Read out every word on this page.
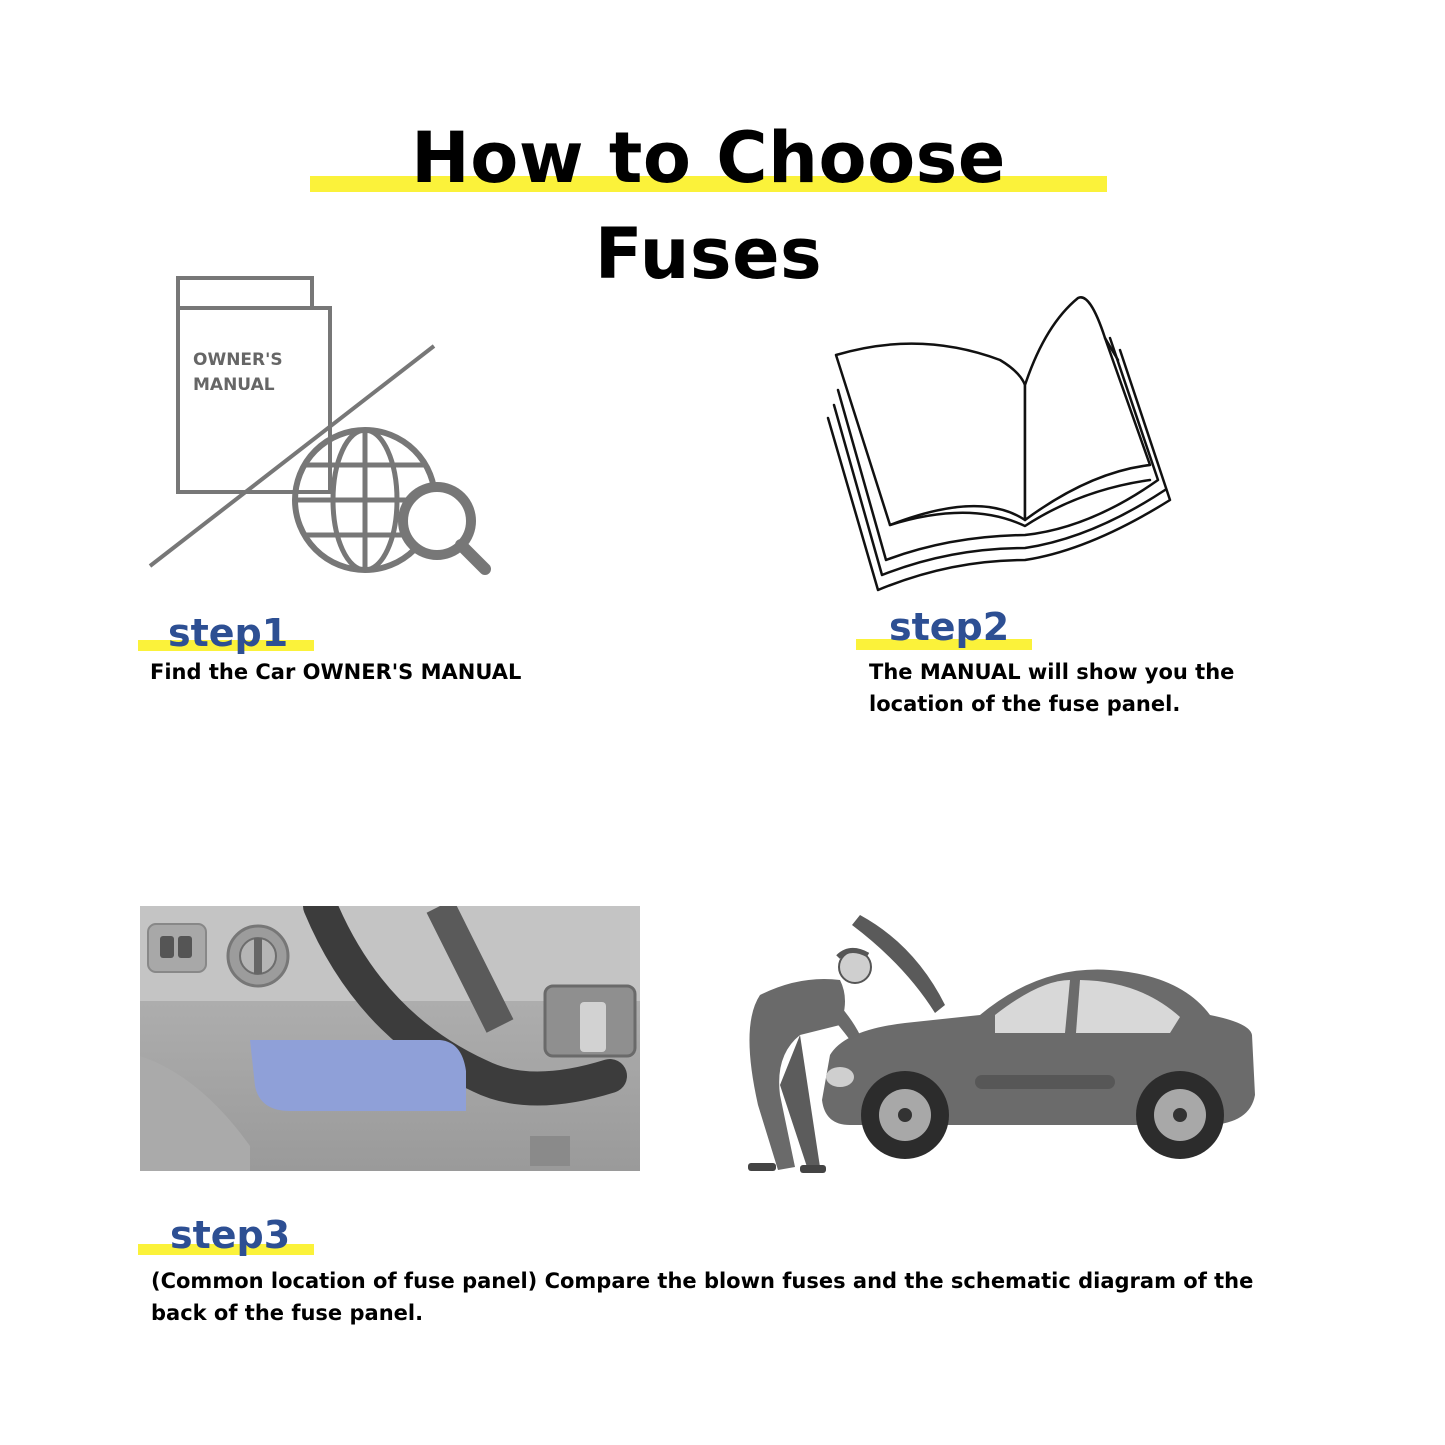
How to Choose Fuses
OWNER'S
MANUAL
step1
Find the Car OWNER'S MANUAL
step2
The MANUAL will show you the
location of the fuse panel.
step3
(Common location of fuse panel) Compare the blown fuses and the schematic diagram of the
back of the fuse panel.
